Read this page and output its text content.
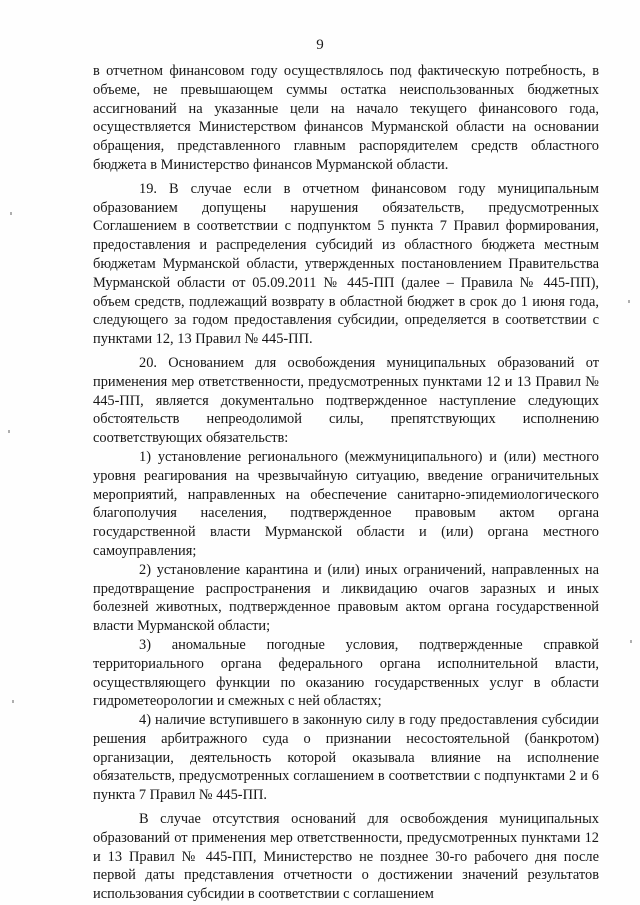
9

в отчетном финансовом году осуществлялось под фактическую потребность, в объеме, не превышающем суммы остатка неиспользованных бюджетных ассигнований на указанные цели на начало текущего финансового года, осуществляется Министерством финансов Мурманской области на основании обращения, представленного главным распорядителем средств областного бюджета в Министерство финансов Мурманской области.

19. В случае если в отчетном финансовом году муниципальным образованием допущены нарушения обязательств, предусмотренных Соглашением в соответствии с подпунктом 5 пункта 7 Правил формирования, предоставления и распределения субсидий из областного бюджета местным бюджетам Мурманской области, утвержденных постановлением Правительства Мурманской области от 05.09.2011 № 445-ПП (далее – Правила № 445-ПП), объем средств, подлежащий возврату в областной бюджет в срок до 1 июня года, следующего за годом предоставления субсидии, определяется в соответствии с пунктами 12, 13 Правил № 445-ПП.

20. Основанием для освобождения муниципальных образований от применения мер ответственности, предусмотренных пунктами 12 и 13 Правил № 445-ПП, является документально подтвержденное наступление следующих обстоятельств непреодолимой силы, препятствующих исполнению соответствующих обязательств:

1) установление регионального (межмуниципального) и (или) местного уровня реагирования на чрезвычайную ситуацию, введение ограничительных мероприятий, направленных на обеспечение санитарно-эпидемиологического благополучия населения, подтвержденное правовым актом органа государственной власти Мурманской области и (или) органа местного самоуправления;

2) установление карантина и (или) иных ограничений, направленных на предотвращение распространения и ликвидацию очагов заразных и иных болезней животных, подтвержденное правовым актом органа государственной власти Мурманской области;

3) аномальные погодные условия, подтвержденные справкой территориального органа федерального органа исполнительной власти, осуществляющего функции по оказанию государственных услуг в области гидрометеорологии и смежных с ней областях;

4) наличие вступившего в законную силу в году предоставления субсидии решения арбитражного суда о признании несостоятельной (банкротом) организации, деятельность которой оказывала влияние на исполнение обязательств, предусмотренных соглашением в соответствии с подпунктами 2 и 6 пункта 7 Правил № 445-ПП.

В случае отсутствия оснований для освобождения муниципальных образований от применения мер ответственности, предусмотренных пунктами 12 и 13 Правил № 445-ПП, Министерство не позднее 30-го рабочего дня после первой даты представления отчетности о достижении значений результатов использования субсидии в соответствии с соглашением
